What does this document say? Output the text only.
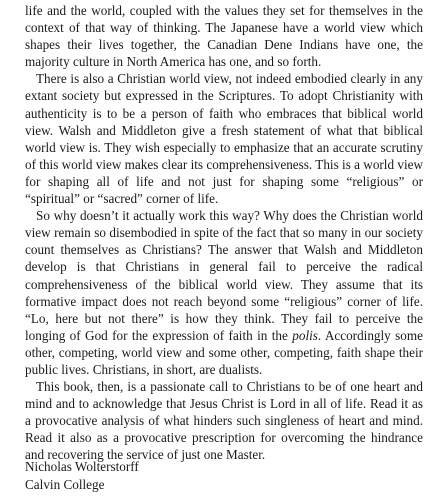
life and the world, coupled with the values they set for themselves in the context of that way of thinking. The Japanese have a world view which shapes their lives together, the Canadian Dene Indians have one, the majority culture in North America has one, and so forth.

There is also a Christian world view, not indeed embodied clearly in any extant society but expressed in the Scriptures. To adopt Christianity with authenticity is to be a person of faith who embraces that biblical world view. Walsh and Middleton give a fresh statement of what that biblical world view is. They wish especially to emphasize that an accurate scrutiny of this world view makes clear its comprehensiveness. This is a world view for shaping all of life and not just for shaping some “religious” or “spiritual” or “sacred” corner of life.

So why doesn’t it actually work this way? Why does the Christian world view remain so disembodied in spite of the fact that so many in our society count themselves as Christians? The answer that Walsh and Middleton develop is that Christians in general fail to perceive the radical comprehensiveness of the biblical world view. They assume that its formative impact does not reach beyond some “religious” corner of life. “Lo, here but not there” is how they think. They fail to perceive the longing of God for the expression of faith in the polis. Accordingly some other, competing, world view and some other, competing, faith shape their public lives. Christians, in short, are dualists.

This book, then, is a passionate call to Christians to be of one heart and mind and to acknowledge that Jesus Christ is Lord in all of life. Read it as a provocative analysis of what hinders such singleness of heart and mind. Read it also as a provocative prescription for overcoming the hindrance and recovering the service of just one Master.

Nicholas Wolterstorff
Calvin College
